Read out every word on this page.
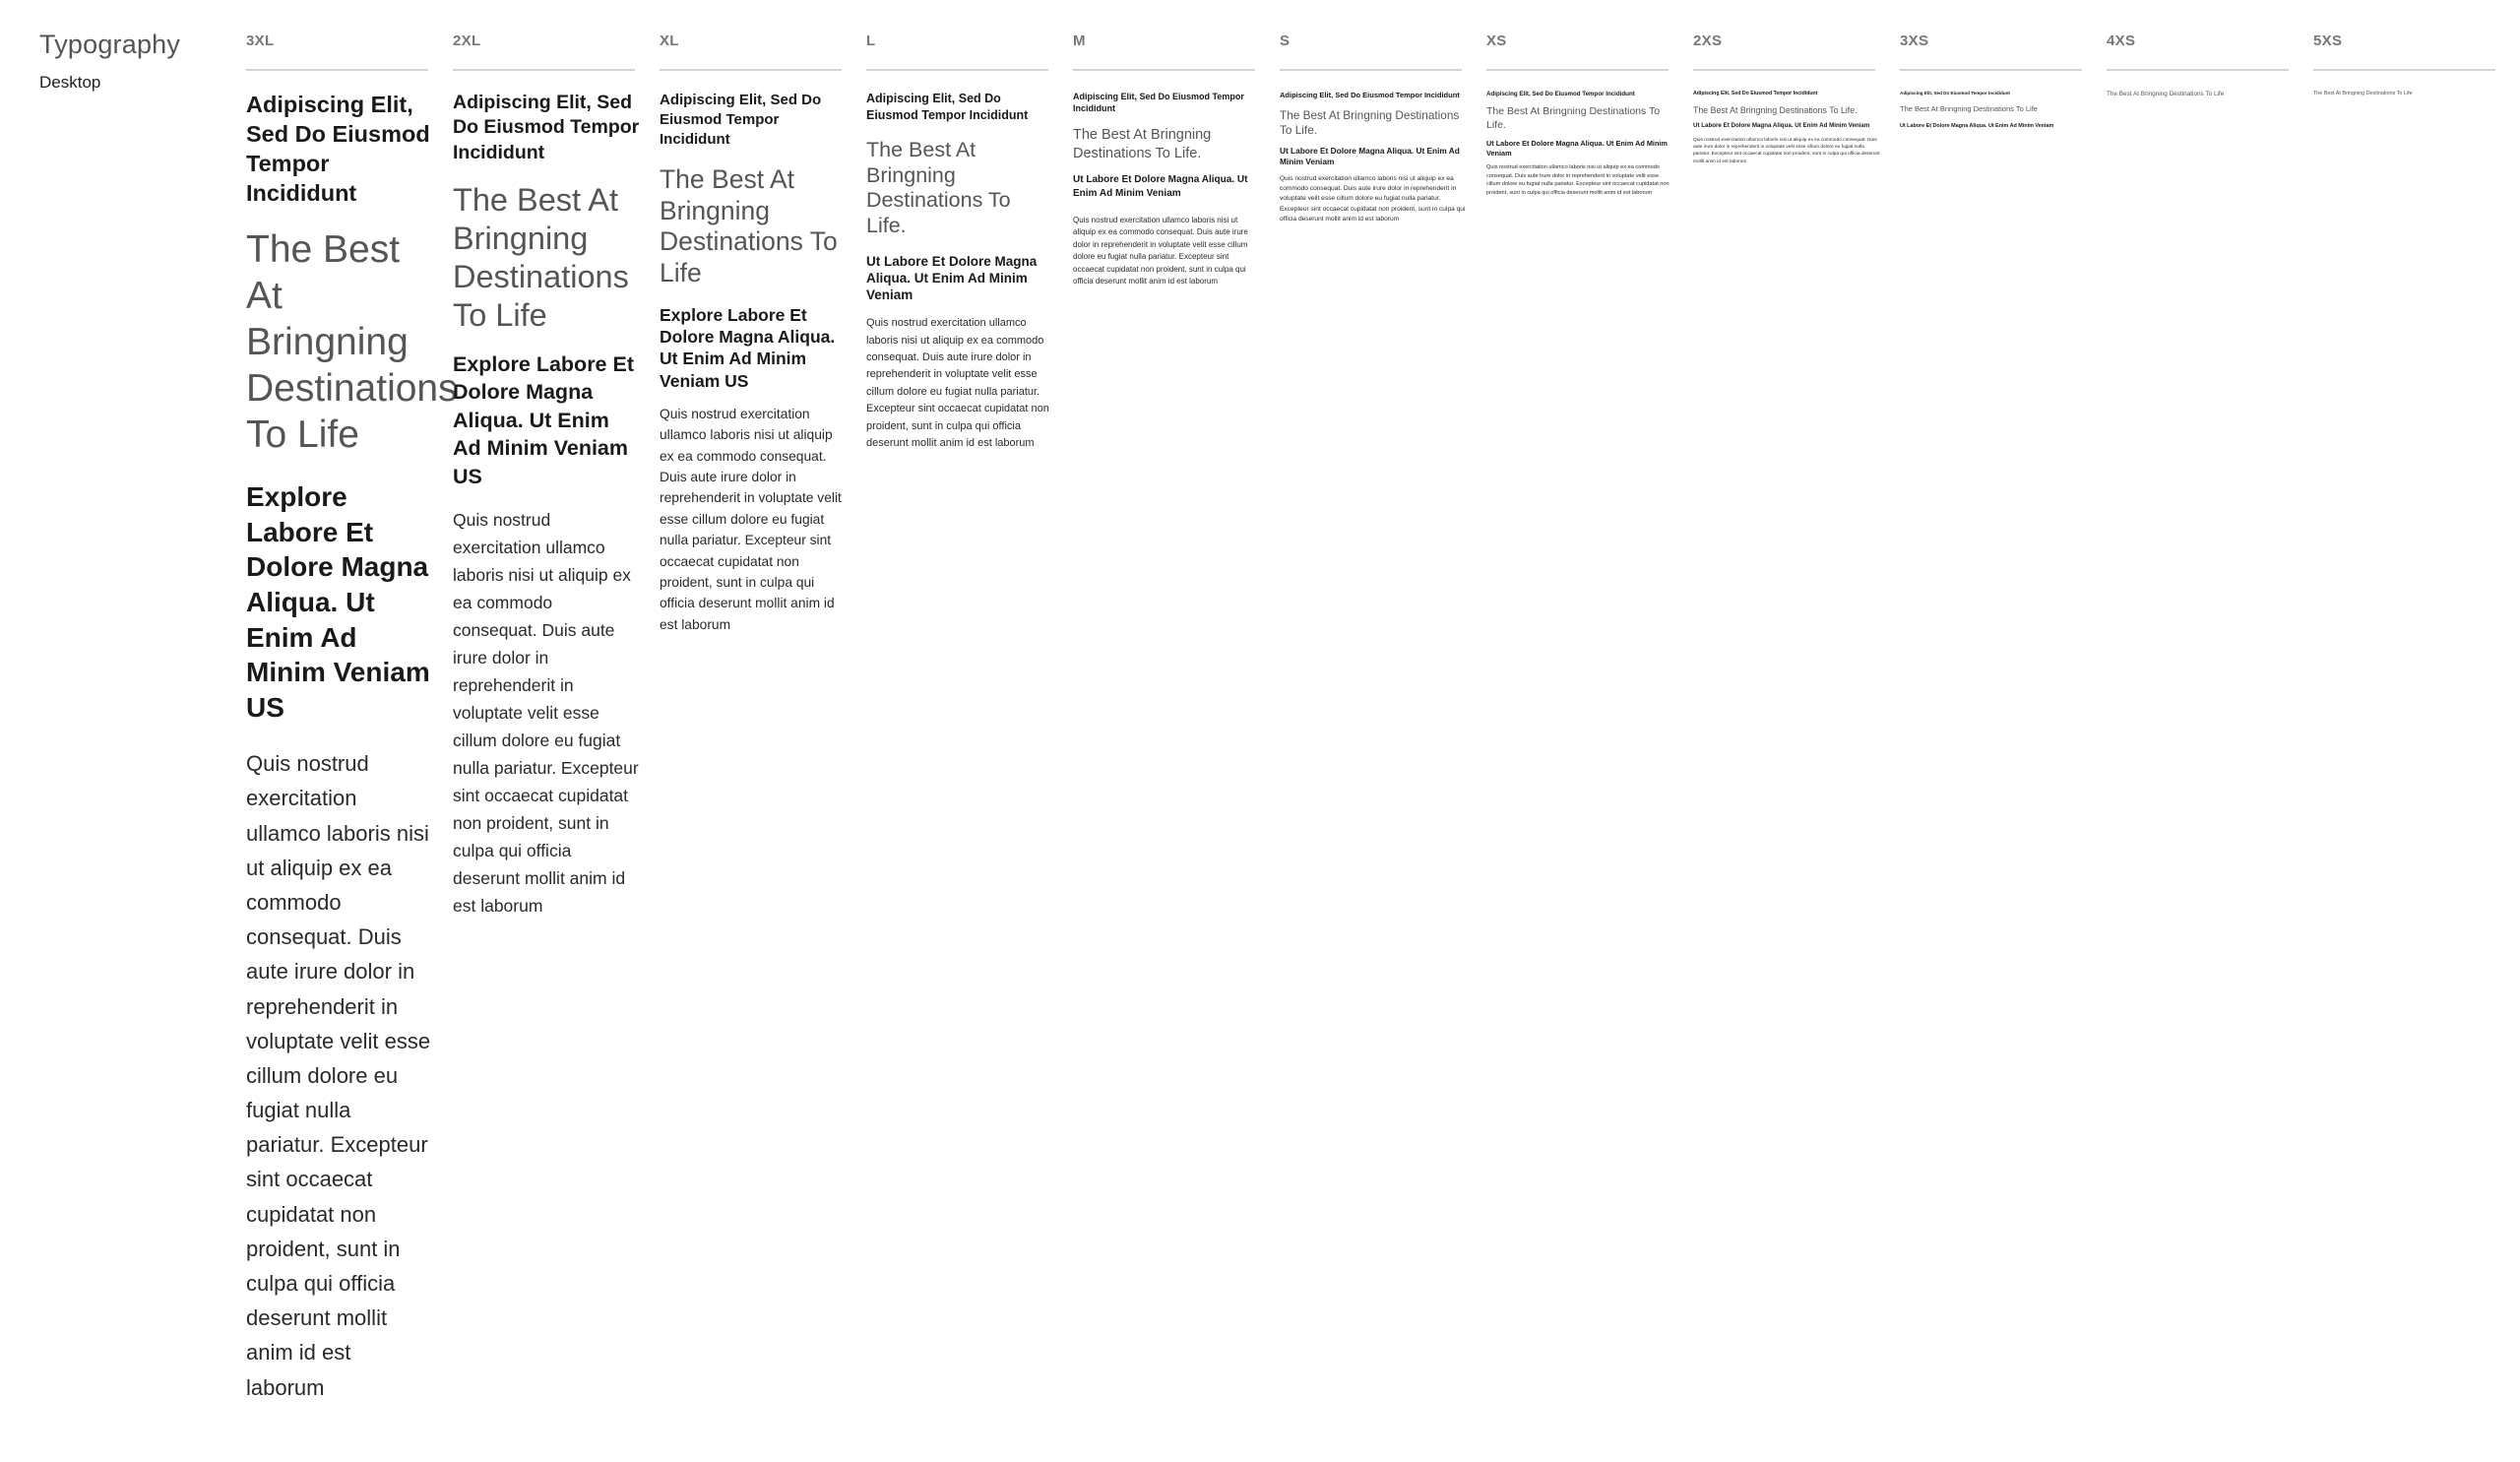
Typography
Desktop
3XL

Adipiscing Elit, Sed Do Eiusmod Tempor Incididunt

The Best At Bringning Destinations To Life

Explore Labore Et Dolore Magna Aliqua. Ut Enim Ad Minim Veniam US

Quis nostrud exercitation ullamco laboris nisi ut aliquip ex ea commodo consequat. Duis aute irure dolor in reprehenderit in voluptate velit esse cillum dolore eu fugiat nulla pariatur. Excepteur sint occaecat cupidatat non proident, sunt in culpa qui officia deserunt mollit anim id est laborum

2XL

Adipiscing Elit, Sed Do Eiusmod Tempor Incididunt

The Best At Bringning Destinations To Life

Explore Labore Et Dolore Magna Aliqua. Ut Enim Ad Minim Veniam US

Quis nostrud exercitation ullamco laboris nisi ut aliquip ex ea commodo consequat. Duis aute irure dolor in reprehenderit in voluptate velit esse cillum dolore eu fugiat nulla pariatur. Excepteur sint occaecat cupidatat non proident, sunt in culpa qui officia deserunt mollit anim id est laborum

XL

Adipiscing Elit, Sed Do Eiusmod Tempor Incididunt

The Best At Bringning Destinations To Life

Explore Labore Et Dolore Magna Aliqua. Ut Enim Ad Minim Veniam US

Quis nostrud exercitation ullamco laboris nisi ut aliquip ex ea commodo consequat. Duis aute irure dolor in reprehenderit in voluptate velit esse cillum dolore eu fugiat nulla pariatur. Excepteur sint occaecat cupidatat non proident, sunt in culpa qui officia deserunt mollit anim id est laborum

L

Adipiscing Elit, Sed Do Eiusmod Tempor Incididunt

The Best At Bringning Destinations To Life.

Ut Labore Et Dolore Magna Aliqua. Ut Enim Ad Minim Veniam

Quis nostrud exercitation ullamco laboris nisi ut aliquip ex ea commodo consequat. Duis aute irure dolor in reprehenderit in voluptate velit esse cillum dolore eu fugiat nulla pariatur. Excepteur sint occaecat cupidatat non proident, sunt in culpa qui officia deserunt mollit anim id est laborum

M

Adipiscing Elit, Sed Do Eiusmod Tempor Incididunt

The Best At Bringning Destinations To Life.

Ut Labore Et Dolore Magna Aliqua. Ut Enim Ad Minim Veniam

Quis nostrud exercitation ullamco laboris nisi ut aliquip ex ea commodo consequat. Duis aute irure dolor in reprehenderit in voluptate velit esse cillum dolore eu fugiat nulla pariatur. Excepteur sint occaecat cupidatat non proident, sunt in culpa qui officia deserunt mollit anim id est laborum

S

Adipiscing Elit, Sed Do Eiusmod Tempor Incididunt

The Best At Bringning Destinations To Life.

Ut Labore Et Dolore Magna Aliqua. Ut Enim Ad Minim Veniam

Quis nostrud exercitation ullamco laboris nisi ut aliquip ex ea commodo consequat. Duis aute irure dolor in reprehenderit in voluptate velit esse cillum dolore eu fugiat nulla pariatur. Excepteur sint occaecat cupidatat non proident, sunt in culpa qui officia deserunt mollit anim id est laborum

XS

Adipiscing Elit, Sed Do Eiusmod Tempor Incididunt

The Best At Bringning Destinations To Life.

Ut Labore Et Dolore Magna Aliqua. Ut Enim Ad Minim Veniam

Quis nostrud exercitation ullamco laboris nisi ut aliquip ex ea commodo consequat. Duis aute irure dolor in reprehenderit in voluptate velit esse cillum dolore eu fugiat nulla pariatur. Excepteur sint occaecat cupidatat non proident, sunt in culpa qui officia deserunt mollit anim id est laborum

2XS

Adipiscing Elit, Sed Do Eiusmod Tempor Incididunt

The Best At Bringning Destinations To Life.

Ut Labore Et Dolore Magna Aliqua. Ut Enim Ad Minim Veniam

Quis nostrud exercitation ullamco laboris nisi ut aliquip ex ea commodo consequat. Duis aute irure dolor in reprehenderit in voluptate velit esse cillum dolore eu fugiat nulla pariatur. Excepteur sint occaecat cupidatat non proident, sunt in culpa qui officia deserunt mollit anim id est laborum

3XS

Adipiscing Elit, Sed Do Eiusmod Tempor Incididunt

The Best At Bringning Destinations To Life

Ut Labore Et Dolore Magna Aliqua. Ut Enim Ad Minim Veniam

4XS

The Best At Bringning Destinations To Life

5XS

The Best At Bringning Destinations To Life
